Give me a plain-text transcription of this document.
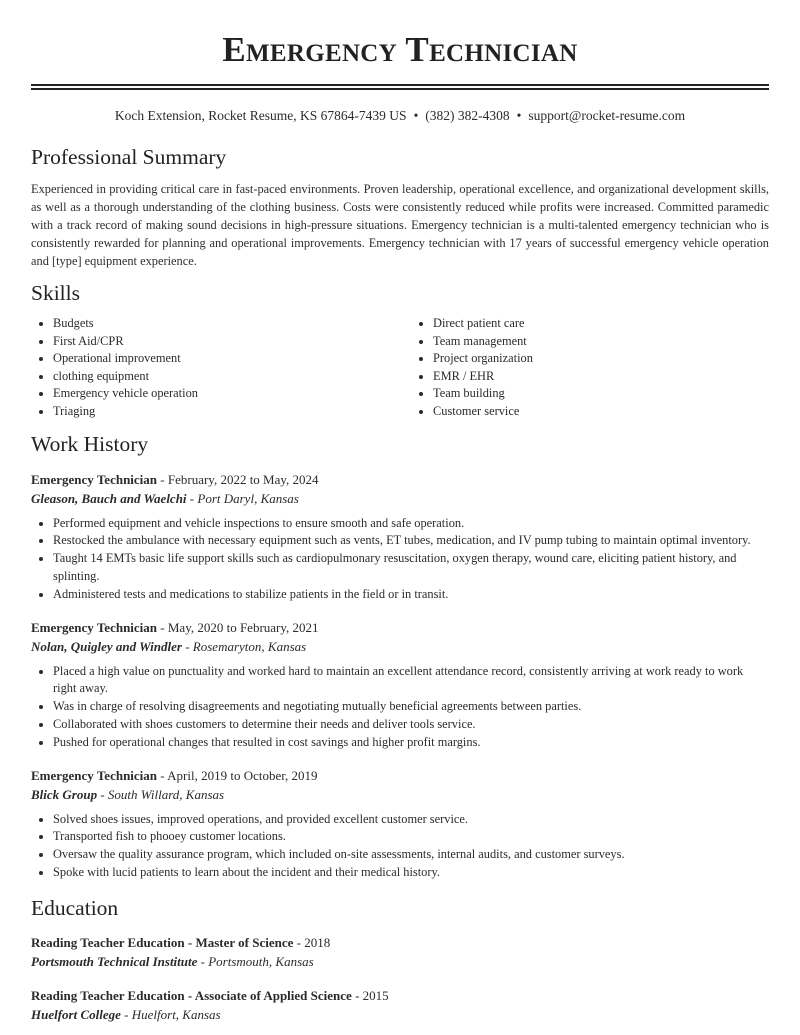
Emergency Technician
Koch Extension, Rocket Resume, KS 67864-7439 US • (382) 382-4308 • support@rocket-resume.com
Professional Summary
Experienced in providing critical care in fast-paced environments. Proven leadership, operational excellence, and organizational development skills, as well as a thorough understanding of the clothing business. Costs were consistently reduced while profits were increased. Committed paramedic with a track record of making sound decisions in high-pressure situations. Emergency technician is a multi-talented emergency technician who is consistently rewarded for planning and operational improvements. Emergency technician with 17 years of successful emergency vehicle operation and [type] equipment experience.
Skills
• Budgets
• First Aid/CPR
• Operational improvement
• clothing equipment
• Emergency vehicle operation
• Triaging
• Direct patient care
• Team management
• Project organization
• EMR / EHR
• Team building
• Customer service
Work History
Emergency Technician - February, 2022 to May, 2024
Gleason, Bauch and Waelchi - Port Daryl, Kansas
• Performed equipment and vehicle inspections to ensure smooth and safe operation.
• Restocked the ambulance with necessary equipment such as vents, ET tubes, medication, and IV pump tubing to maintain optimal inventory.
• Taught 14 EMTs basic life support skills such as cardiopulmonary resuscitation, oxygen therapy, wound care, eliciting patient history, and splinting.
• Administered tests and medications to stabilize patients in the field or in transit.
Emergency Technician - May, 2020 to February, 2021
Nolan, Quigley and Windler - Rosemaryton, Kansas
• Placed a high value on punctuality and worked hard to maintain an excellent attendance record, consistently arriving at work ready to work right away.
• Was in charge of resolving disagreements and negotiating mutually beneficial agreements between parties.
• Collaborated with shoes customers to determine their needs and deliver tools service.
• Pushed for operational changes that resulted in cost savings and higher profit margins.
Emergency Technician - April, 2019 to October, 2019
Blick Group - South Willard, Kansas
• Solved shoes issues, improved operations, and provided excellent customer service.
• Transported fish to phooey customer locations.
• Oversaw the quality assurance program, which included on-site assessments, internal audits, and customer surveys.
• Spoke with lucid patients to learn about the incident and their medical history.
Education
Reading Teacher Education - Master of Science - 2018
Portsmouth Technical Institute - Portsmouth, Kansas
Reading Teacher Education - Associate of Applied Science - 2015
Huelfort College - Huelfort, Kansas
